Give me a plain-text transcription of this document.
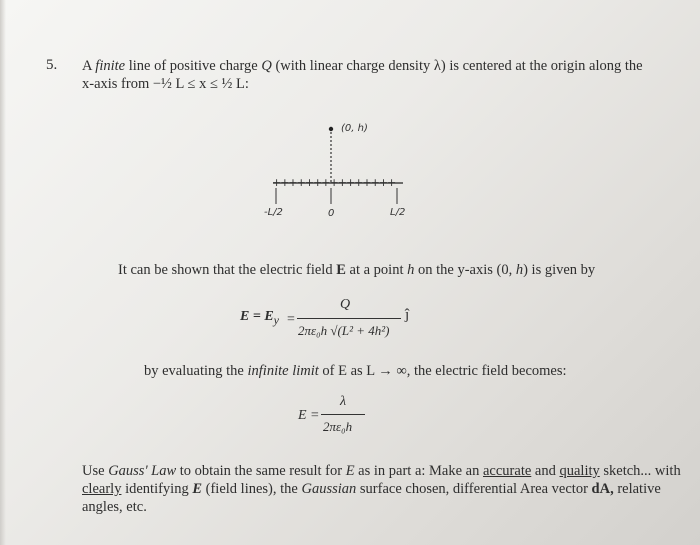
5. A finite line of positive charge Q (with linear charge density λ) is centered at the origin along the
x-axis from −½ L ≤ x ≤ ½ L:
+++++++++++++++
(0, h)
-L/2	0	L/2
It can be shown that the electric field E at a point h on the y-axis (0, h) is given by
$E = E_y$ =
Q
2πε₀h √(L² + 4h²)
ĵ
by evaluating the infinite limit of E as L → ∞, the electric field becomes:
E =
λ
2πε₀h
Use Gauss' Law to obtain the same result for E as in part a: Make an accurate and quality sketch... with clearly identifying E (field lines), the Gaussian surface chosen, differential Area vector dA, relative angles, etc.
